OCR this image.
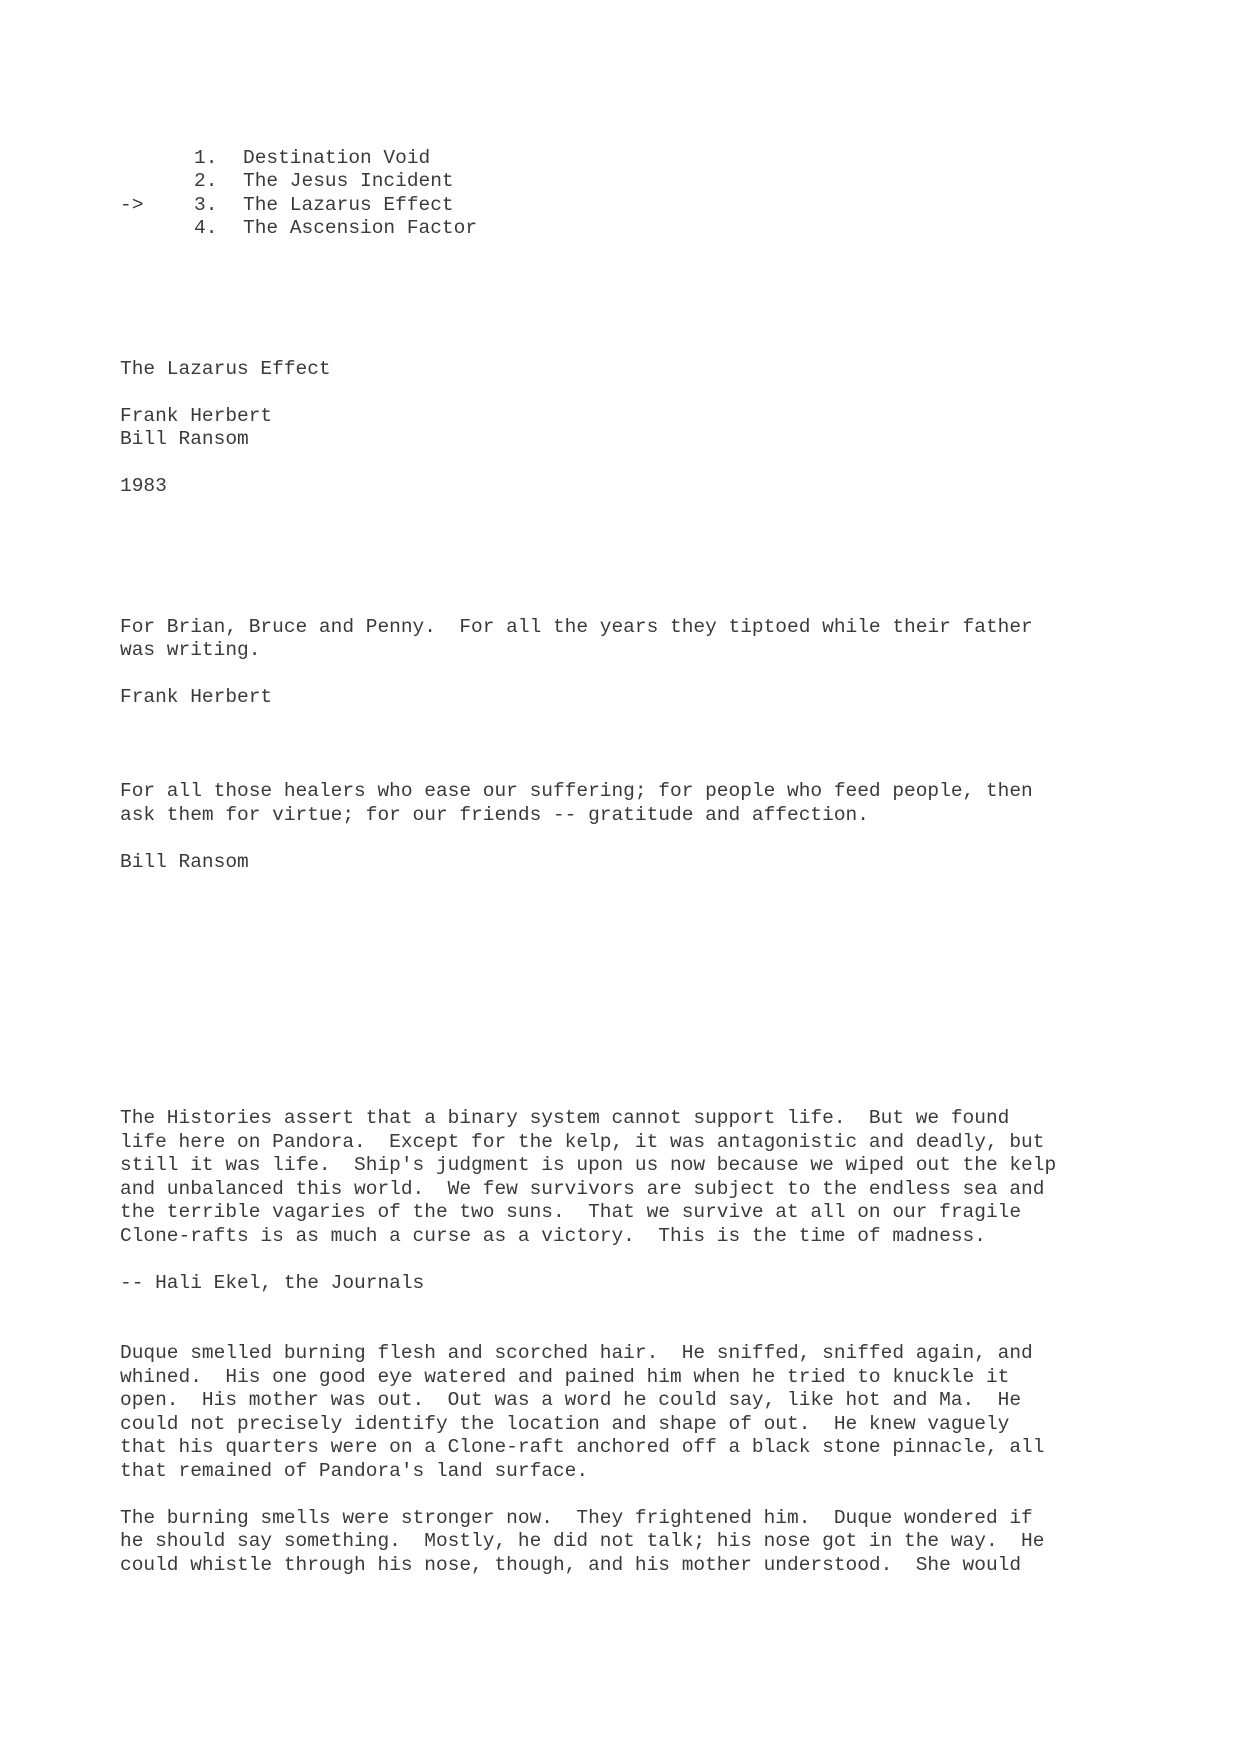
1. Destination Void
2. The Jesus Incident
->	3. The Lazarus Effect
4. The Ascension Factor
The Lazarus Effect
Frank Herbert
Bill Ransom
1983
For Brian, Bruce and Penny.  For all the years they tiptoed while their father
was writing.
Frank Herbert
For all those healers who ease our suffering; for people who feed people, then
ask them for virtue; for our friends -- gratitude and affection.
Bill Ransom
The Histories assert that a binary system cannot support life.  But we found
life here on Pandora.  Except for the kelp, it was antagonistic and deadly, but
still it was life.  Ship's judgment is upon us now because we wiped out the kelp
and unbalanced this world.  We few survivors are subject to the endless sea and
the terrible vagaries of the two suns.  That we survive at all on our fragile
Clone-rafts is as much a curse as a victory.  This is the time of madness.
-- Hali Ekel, the Journals
Duque smelled burning flesh and scorched hair.  He sniffed, sniffed again, and
whined.  His one good eye watered and pained him when he tried to knuckle it
open.  His mother was out.  Out was a word he could say, like hot and Ma.  He
could not precisely identify the location and shape of out.  He knew vaguely
that his quarters were on a Clone-raft anchored off a black stone pinnacle, all
that remained of Pandora's land surface.
The burning smells were stronger now.  They frightened him.  Duque wondered if
he should say something.  Mostly, he did not talk; his nose got in the way.  He
could whistle through his nose, though, and his mother understood.  She would
